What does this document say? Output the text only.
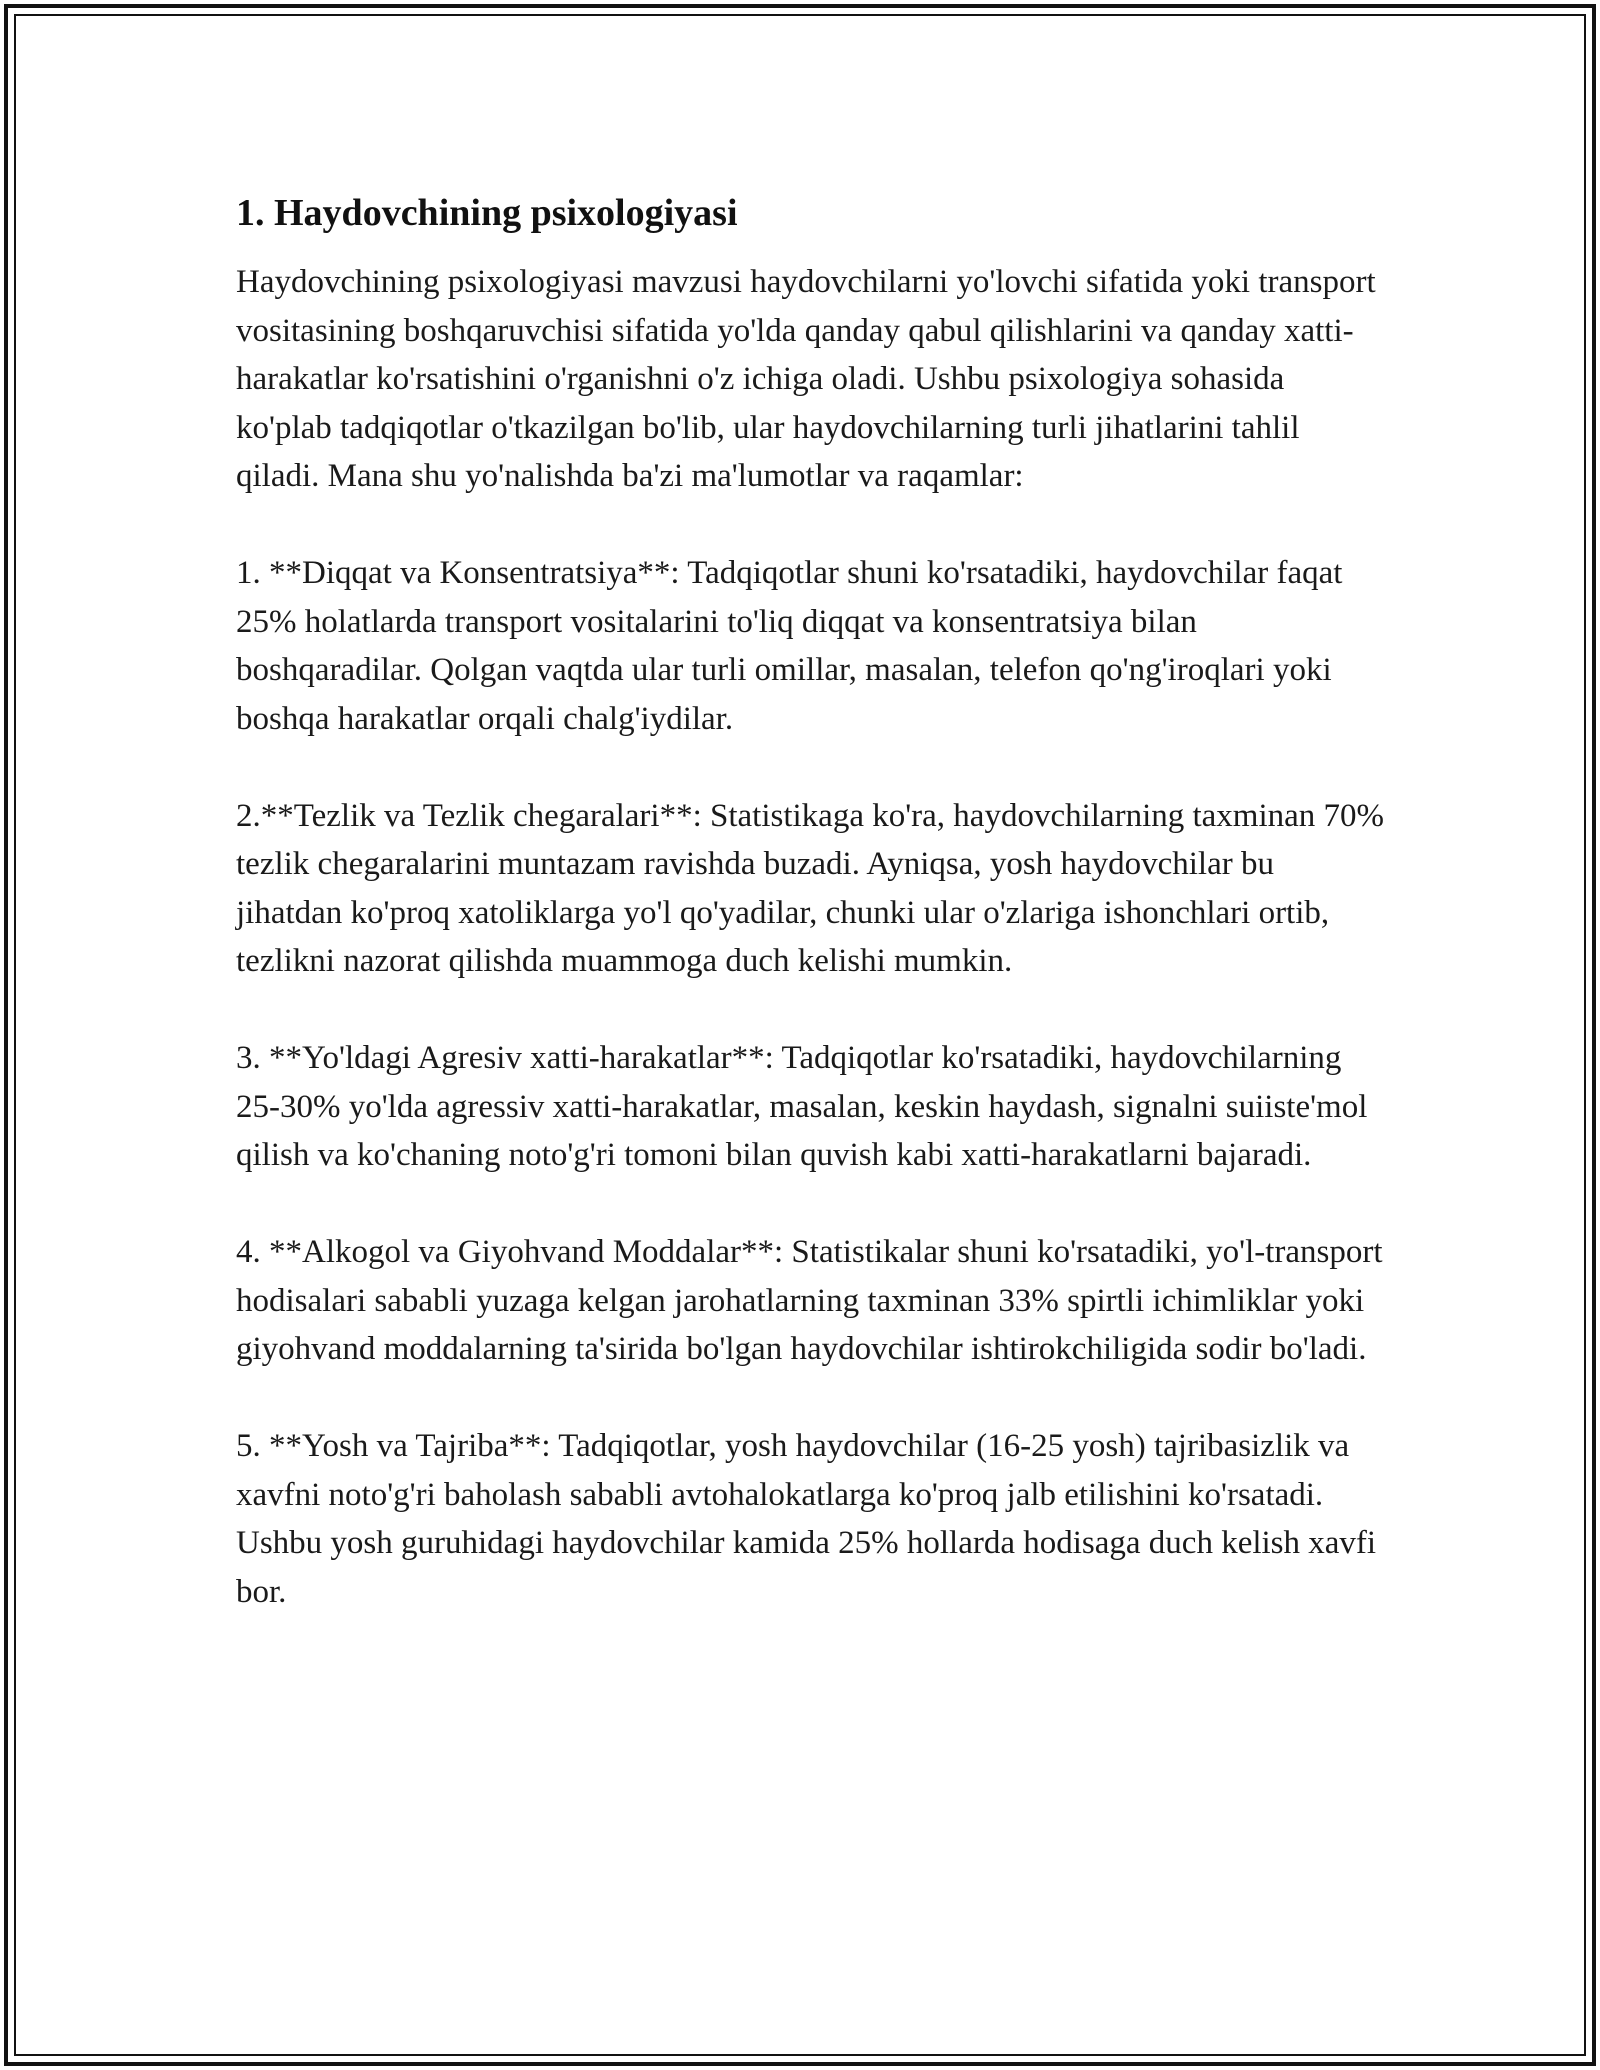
1. Haydovchining psixologiyasi

Haydovchining psixologiyasi mavzusi haydovchilarni yo'lovchi sifatida yoki transport vositasining boshqaruvchisi sifatida yo'lda qanday qabul qilishlarini va qanday xatti-harakatlar ko'rsatishini o'rganishni o'z ichiga oladi. Ushbu psixologiya sohasida ko'plab tadqiqotlar o'tkazilgan bo'lib, ular haydovchilarning turli jihatlarini tahlil qiladi. Mana shu yo'nalishda ba'zi ma'lumotlar va raqamlar:

1. **Diqqat va Konsentratsiya**: Tadqiqotlar shuni ko'rsatadiki, haydovchilar faqat 25% holatlarda transport vositalarini to'liq diqqat va konsentratsiya bilan boshqaradilar. Qolgan vaqtda ular turli omillar, masalan, telefon qo'ng'iroqlari yoki boshqa harakatlar orqali chalg'iydilar.

2.**Tezlik va Tezlik chegaralari**: Statistikaga ko'ra, haydovchilarning taxminan 70% tezlik chegaralarini muntazam ravishda buzadi. Ayniqsa, yosh haydovchilar bu jihatdan ko'proq xatoliklarga yo'l qo'yadilar, chunki ular o'zlariga ishonchlari ortib, tezlikni nazorat qilishda muammoga duch kelishi mumkin.

3. **Yo'ldagi Agresiv xatti-harakatlar**: Tadqiqotlar ko'rsatadiki, haydovchilarning 25-30% yo'lda agressiv xatti-harakatlar, masalan, keskin haydash, signalni suiiste'mol qilish va ko'chaning noto'g'ri tomoni bilan quvish kabi xatti-harakatlarni bajaradi.

4. **Alkogol va Giyohvand Moddalar**: Statistikalar shuni ko'rsatadiki, yo'l-transport hodisalari sababli yuzaga kelgan jarohatlarning taxminan 33% spirtli ichimliklar yoki giyohvand moddalarning ta'sirida bo'lgan haydovchilar ishtirokchiligida sodir bo'ladi.

5. **Yosh va Tajriba**: Tadqiqotlar, yosh haydovchilar (16-25 yosh) tajribasizlik va xavfni noto'g'ri baholash sababli avtohalokatlarga ko'proq jalb etilishini ko'rsatadi. Ushbu yosh guruhidagi haydovchilar kamida 25% hollarda hodisaga duch kelish xavfi bor.
